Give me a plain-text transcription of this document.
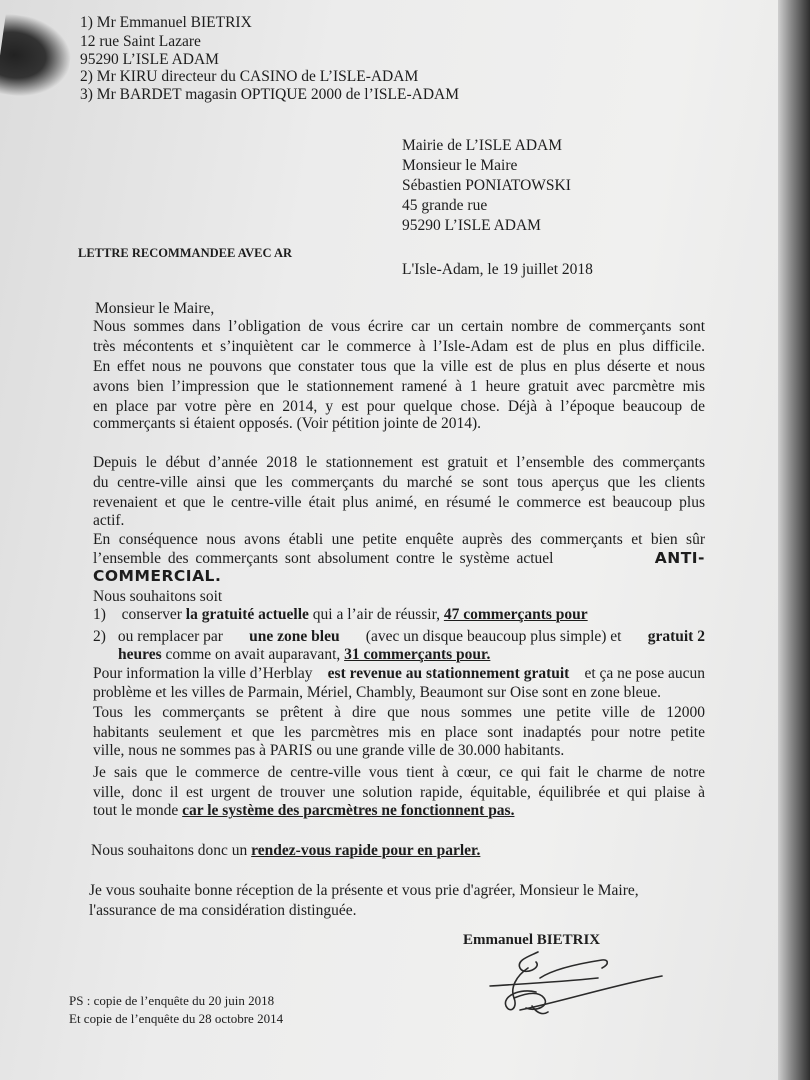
1) Mr Emmanuel BIETRIX
12 rue Saint Lazare
95290 L’ISLE ADAM
2) Mr KIRU directeur du CASINO de L’ISLE-ADAM
3) Mr BARDET magasin OPTIQUE 2000 de l’ISLE-ADAM
Mairie de L’ISLE ADAM
Monsieur le Maire
Sébastien PONIATOWSKI
45 grande rue
95290 L’ISLE ADAM
LETTRE RECOMMANDEE AVEC AR
L'Isle-Adam, le 19 juillet 2018
Monsieur le Maire,
Nous sommes dans l’obligation de vous écrire car un certain nombre de commerçants sont
très mécontents et s’inquiètent car le commerce à l’Isle-Adam est de plus en plus difficile.
En effet nous ne pouvons que constater tous que la ville est de plus en plus déserte et nous
avons bien l’impression que le stationnement ramené à 1 heure gratuit avec parcmètre mis
en place par votre père en 2014, y est pour quelque chose. Déjà à l’époque beaucoup de
commerçants si étaient opposés. (Voir pétition jointe de 2014).
Depuis le début d’année 2018 le stationnement est gratuit et l’ensemble des commerçants
du centre-ville ainsi que les commerçants du marché se sont tous aperçus que les clients
revenaient et que le centre-ville était plus animé, en résumé le commerce est beaucoup plus
actif.
En conséquence nous avons établi une petite enquête auprès des commerçants et bien sûr
l’ensemble des commerçants sont absolument contre le système actuel	ANTI-
COMMERCIAL.
Nous souhaitons soit
1) conserver la gratuité actuelle qui a l’air de réussir, 47 commerçants pour
2) ou remplacer par une zone bleu (avec un disque beaucoup plus simple) et gratuit 2
heures comme on avait auparavant, 31 commerçants pour.
Pour information la ville d’Herblay est revenue au stationnement gratuit et ça ne pose aucun
problème et les villes de Parmain, Mériel, Chambly, Beaumont sur Oise sont en zone bleue.
Tous les commerçants se prêtent à dire que nous sommes une petite ville de 12000
habitants seulement et que les parcmètres mis en place sont inadaptés pour notre petite
ville, nous ne sommes pas à PARIS ou une grande ville de 30.000 habitants.
Je sais que le commerce de centre-ville vous tient à cœur, ce qui fait le charme de notre
ville, donc il est urgent de trouver une solution rapide, équitable, équilibrée et qui plaise à
tout le monde car le système des parcmètres ne fonctionnent pas.
Nous souhaitons donc un rendez-vous rapide pour en parler.
Je vous souhaite bonne réception de la présente et vous prie d'agréer, Monsieur le Maire,
l'assurance de ma considération distinguée.
Emmanuel BIETRIX
PS : copie de l’enquête du 20 juin 2018
Et copie de l’enquête du 28 octobre 2014
